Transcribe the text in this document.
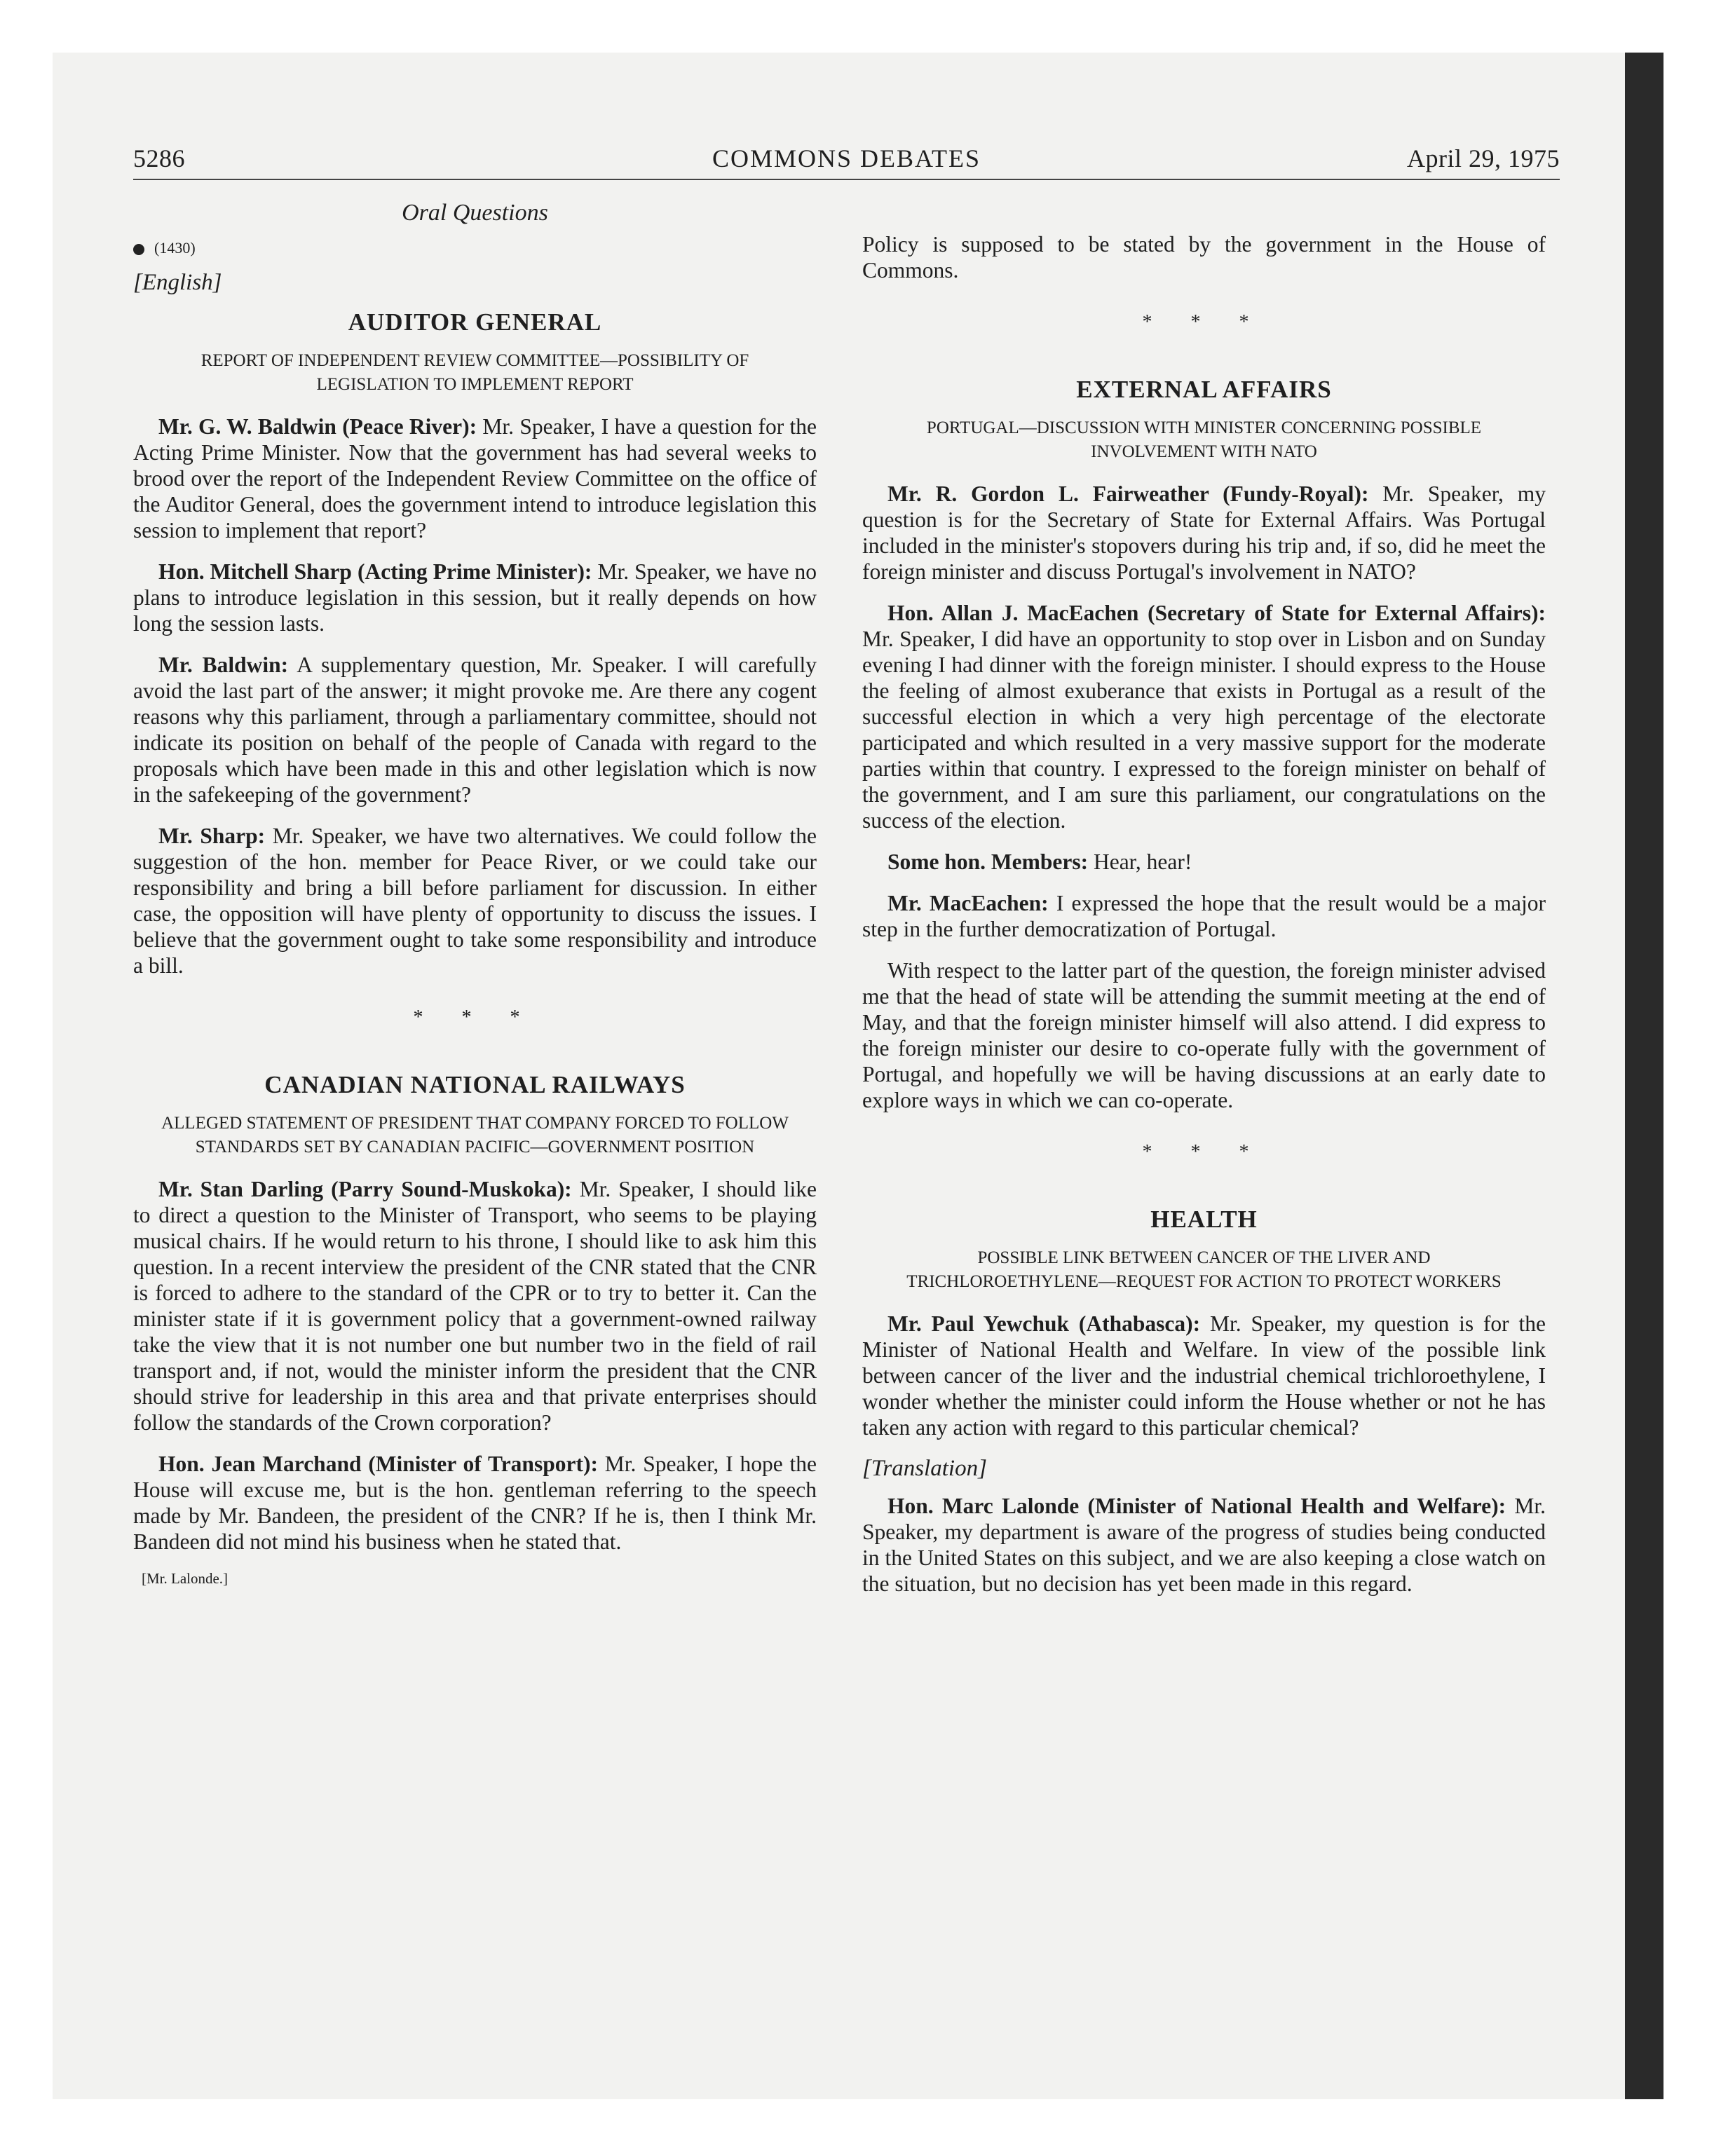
5286	COMMONS DEBATES	April 29, 1975
Oral Questions
(1430)
[English]
AUDITOR GENERAL
REPORT OF INDEPENDENT REVIEW COMMITTEE—POSSIBILITY OF LEGISLATION TO IMPLEMENT REPORT

Mr. G. W. Baldwin (Peace River): Mr. Speaker, I have a question for the Acting Prime Minister. Now that the government has had several weeks to brood over the report of the Independent Review Committee on the office of the Auditor General, does the government intend to introduce legislation this session to implement that report?

Hon. Mitchell Sharp (Acting Prime Minister): Mr. Speaker, we have no plans to introduce legislation in this session, but it really depends on how long the session lasts.

Mr. Baldwin: A supplementary question, Mr. Speaker. I will carefully avoid the last part of the answer; it might provoke me. Are there any cogent reasons why this parliament, through a parliamentary committee, should not indicate its position on behalf of the people of Canada with regard to the proposals which have been made in this and other legislation which is now in the safekeeping of the government?

Mr. Sharp: Mr. Speaker, we have two alternatives. We could follow the suggestion of the hon. member for Peace River, or we could take our responsibility and bring a bill before parliament for discussion. In either case, the opposition will have plenty of opportunity to discuss the issues. I believe that the government ought to take some responsibility and introduce a bill.

* * *
CANADIAN NATIONAL RAILWAYS
ALLEGED STATEMENT OF PRESIDENT THAT COMPANY FORCED TO FOLLOW STANDARDS SET BY CANADIAN PACIFIC—GOVERNMENT POSITION

Mr. Stan Darling (Parry Sound-Muskoka): Mr. Speaker, I should like to direct a question to the Minister of Transport, who seems to be playing musical chairs. If he would return to his throne, I should like to ask him this question. In a recent interview the president of the CNR stated that the CNR is forced to adhere to the standard of the CPR or to try to better it. Can the minister state if it is government policy that a government-owned railway take the view that it is not number one but number two in the field of rail transport and, if not, would the minister inform the president that the CNR should strive for leadership in this area and that private enterprises should follow the standards of the Crown corporation?

Hon. Jean Marchand (Minister of Transport): Mr. Speaker, I hope the House will excuse me, but is the hon. gentleman referring to the speech made by Mr. Bandeen, the president of the CNR? If he is, then I think Mr. Bandeen did not mind his business when he stated that.

[Mr. Lalonde.]

Policy is supposed to be stated by the government in the House of Commons.

* * *
EXTERNAL AFFAIRS
PORTUGAL—DISCUSSION WITH MINISTER CONCERNING POSSIBLE INVOLVEMENT WITH NATO

Mr. R. Gordon L. Fairweather (Fundy-Royal): Mr. Speaker, my question is for the Secretary of State for External Affairs. Was Portugal included in the minister's stopovers during his trip and, if so, did he meet the foreign minister and discuss Portugal's involvement in NATO?

Hon. Allan J. MacEachen (Secretary of State for External Affairs): Mr. Speaker, I did have an opportunity to stop over in Lisbon and on Sunday evening I had dinner with the foreign minister. I should express to the House the feeling of almost exuberance that exists in Portugal as a result of the successful election in which a very high percentage of the electorate participated and which resulted in a very massive support for the moderate parties within that country. I expressed to the foreign minister on behalf of the government, and I am sure this parliament, our congratulations on the success of the election.

Some hon. Members: Hear, hear!

Mr. MacEachen: I expressed the hope that the result would be a major step in the further democratization of Portugal.

With respect to the latter part of the question, the foreign minister advised me that the head of state will be attending the summit meeting at the end of May, and that the foreign minister himself will also attend. I did express to the foreign minister our desire to co-operate fully with the government of Portugal, and hopefully we will be having discussions at an early date to explore ways in which we can co-operate.

* * *
HEALTH
POSSIBLE LINK BETWEEN CANCER OF THE LIVER AND TRICHLOROETHYLENE—REQUEST FOR ACTION TO PROTECT WORKERS

Mr. Paul Yewchuk (Athabasca): Mr. Speaker, my question is for the Minister of National Health and Welfare. In view of the possible link between cancer of the liver and the industrial chemical trichloroethylene, I wonder whether the minister could inform the House whether or not he has taken any action with regard to this particular chemical?

[Translation]

Hon. Marc Lalonde (Minister of National Health and Welfare): Mr. Speaker, my department is aware of the progress of studies being conducted in the United States on this subject, and we are also keeping a close watch on the situation, but no decision has yet been made in this regard.
